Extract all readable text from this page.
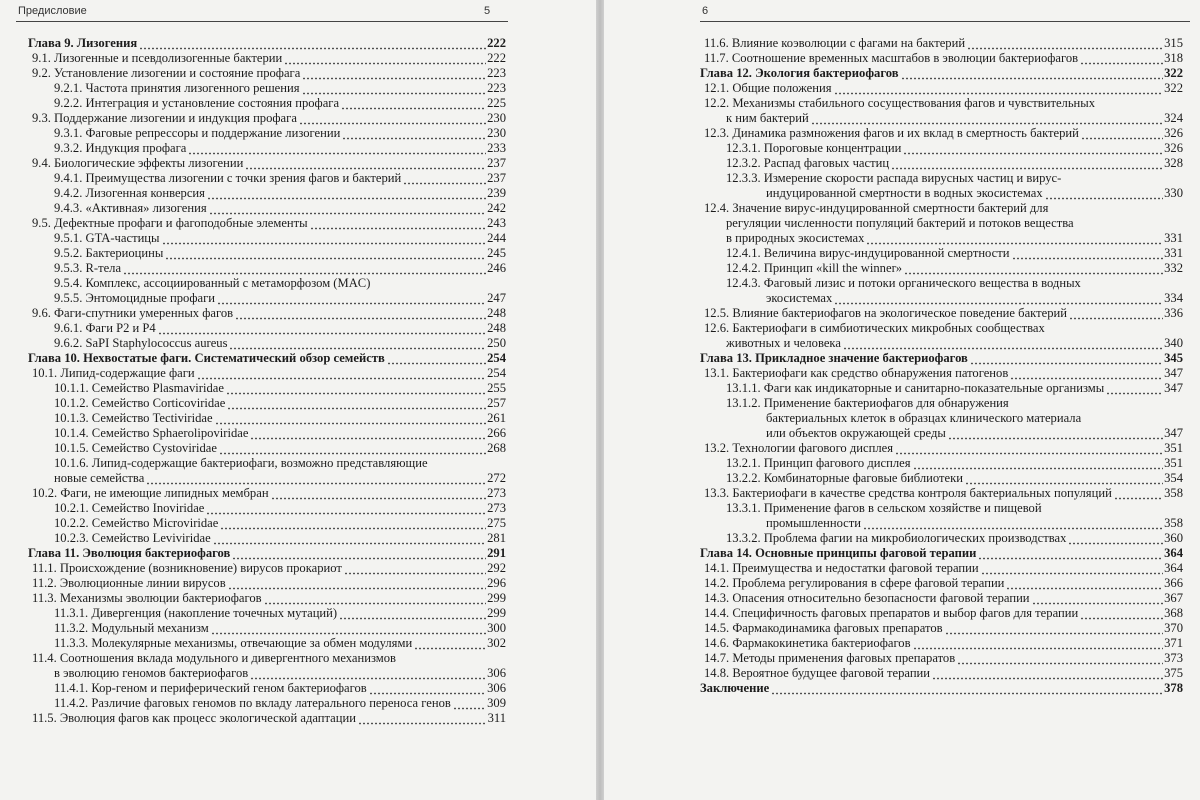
Предисловие	5
Глава 9. Лизогения	222
9.1. Лизогенные и псевдолизогенные бактерии	222
9.2. Установление лизогении и состояние профага	223
9.2.1. Частота принятия лизогенного решения	223
9.2.2. Интеграция и установление состояния профага	225
9.3. Поддержание лизогении и индукция профага	230
9.3.1. Фаговые репрессоры и поддержание лизогении	230
9.3.2. Индукция профага	233
9.4. Биологические эффекты лизогении	237
9.4.1. Преимущества лизогении с точки зрения фагов и бактерий	237
9.4.2. Лизогенная конверсия	239
9.4.3. «Активная» лизогения	242
9.5. Дефектные профаги и фагоподобные элементы	243
9.5.1. GTA-частицы	244
9.5.2. Бактериоцины	245
9.5.3. R-тела	246
9.5.4. Комплекс, ассоциированный с метаморфозом (MAC)
9.5.5. Энтомоцидные профаги	247
9.6. Фаги-спутники умеренных фагов	248
9.6.1. Фаги P2 и P4	248
9.6.2. SaPI Staphylococcus aureus	250
Глава 10. Нехвостатые фаги. Систематический обзор семейств	254
10.1. Липид-содержащие фаги	254
10.1.1. Семейство Plasmaviridae	255
10.1.2. Семейство Corticoviridae	257
10.1.3. Семейство Tectiviridae	261
10.1.4. Семейство Sphaerolipoviridae	266
10.1.5. Семейство Cystoviridae	268
10.1.6. Липид-содержащие бактериофаги, возможно представляющие
новые семейства	272
10.2. Фаги, не имеющие липидных мембран	273
10.2.1. Семейство Inoviridae	273
10.2.2. Семейство Microviridae	275
10.2.3. Семейство Leviviridae	281
Глава 11. Эволюция бактериофагов	291
11.1. Происхождение (возникновение) вирусов прокариот	292
11.2. Эволюционные линии вирусов	296
11.3. Механизмы эволюции бактериофагов	299
11.3.1. Дивергенция (накопление точечных мутаций)	299
11.3.2. Модульный механизм	300
11.3.3. Молекулярные механизмы, отвечающие за обмен модулями	302
11.4. Соотношения вклада модульного и дивергентного механизмов
в эволюцию геномов бактериофагов	306
11.4.1. Кор-геном и периферический геном бактериофагов	306
11.4.2. Различие фаговых геномов по вкладу латерального переноса генов	309
11.5. Эволюция фагов как процесс экологической адаптации	311
6
11.6. Влияние коэволюции с фагами на бактерий	315
11.7. Соотношение временных масштабов в эволюции бактериофагов	318
Глава 12. Экология бактериофагов	322
12.1. Общие положения	322
12.2. Механизмы стабильного сосуществования фагов и чувствительных
к ним бактерий	324
12.3. Динамика размножения фагов и их вклад в смертность бактерий	326
12.3.1. Пороговые концентрации	326
12.3.2. Распад фаговых частиц	328
12.3.3. Измерение скорости распада вирусных частиц и вирус-
индуцированной смертности в водных экосистемах	330
12.4. Значение вирус-индуцированной смертности бактерий для
регуляции численности популяций бактерий и потоков вещества
в природных экосистемах	331
12.4.1. Величина вирус-индуцированной смертности	331
12.4.2. Принцип «kill the winner»	332
12.4.3. Фаговый лизис и потоки органического вещества в водных
экосистемах	334
12.5. Влияние бактериофагов на экологическое поведение бактерий	336
12.6. Бактериофаги в симбиотических микробных сообществах
животных и человека	340
Глава 13. Прикладное значение бактериофагов	345
13.1. Бактериофаги как средство обнаружения патогенов	347
13.1.1. Фаги как индикаторные и санитарно-показательные организмы	347
13.1.2. Применение бактериофагов для обнаружения
бактериальных клеток в образцах клинического материала
или объектов окружающей среды	347
13.2. Технологии фагового дисплея	351
13.2.1. Принцип фагового дисплея	351
13.2.2. Комбинаторные фаговые библиотеки	354
13.3. Бактериофаги в качестве средства контроля бактериальных популяций	358
13.3.1. Применение фагов в сельском хозяйстве и пищевой
промышленности	358
13.3.2. Проблема фагии на микробиологических производствах	360
Глава 14. Основные принципы фаговой терапии	364
14.1. Преимущества и недостатки фаговой терапии	364
14.2. Проблема регулирования в сфере фаговой терапии	366
14.3. Опасения относительно безопасности фаговой терапии	367
14.4. Специфичность фаговых препаратов и выбор фагов для терапии	368
14.5. Фармакодинамика фаговых препаратов	370
14.6. Фармакокинетика бактериофагов	371
14.7. Методы применения фаговых препаратов	373
14.8. Вероятное будущее фаговой терапии	375
Заключение	378
